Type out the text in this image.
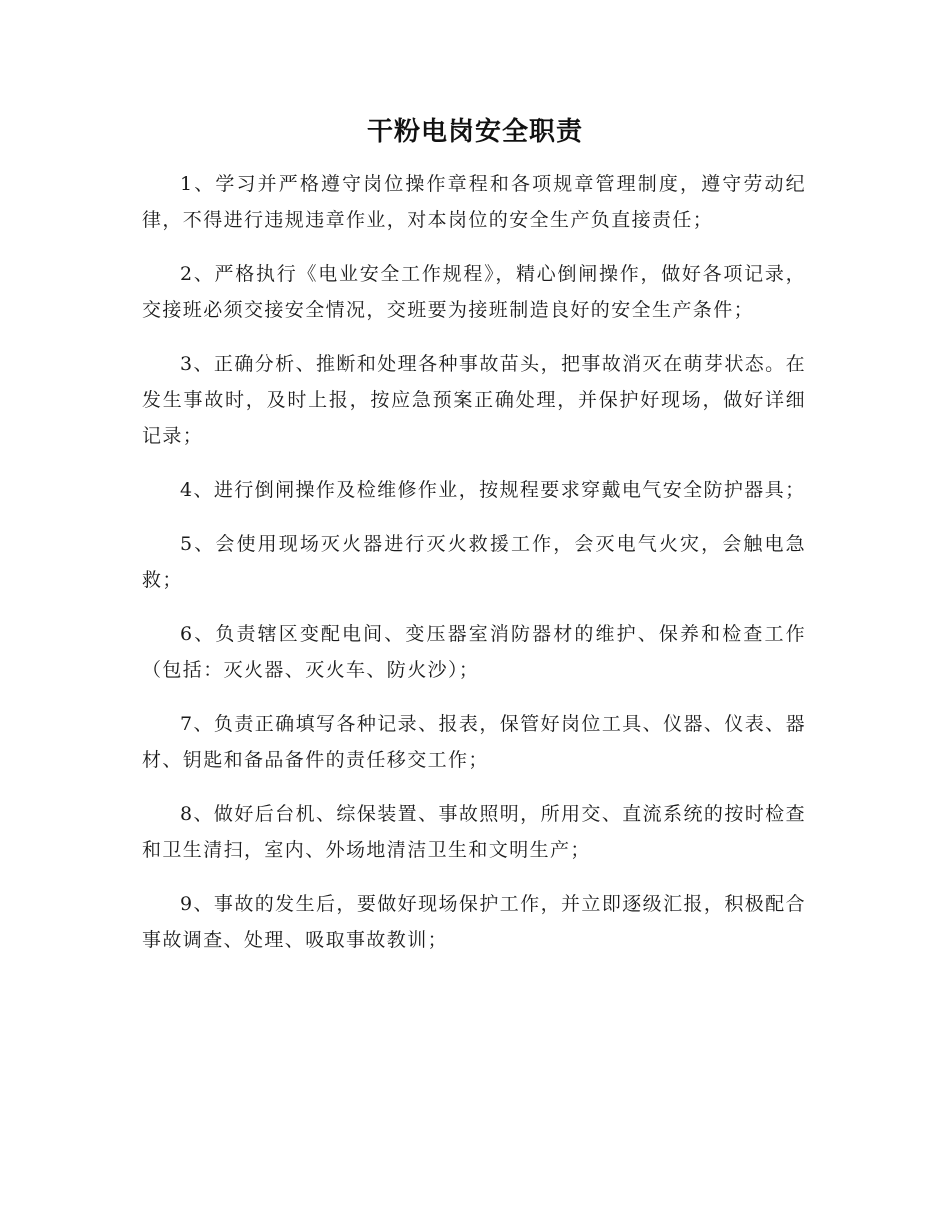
干粉电岗安全职责

1、学习并严格遵守岗位操作章程和各项规章管理制度，遵守劳动纪律，不得进行违规违章作业，对本岗位的安全生产负直接责任；

2、严格执行《电业安全工作规程》，精心倒闸操作，做好各项记录，交接班必须交接安全情况，交班要为接班制造良好的安全生产条件；

3、正确分析、推断和处理各种事故苗头，把事故消灭在萌芽状态。在发生事故时，及时上报，按应急预案正确处理，并保护好现场，做好详细记录；

4、进行倒闸操作及检维修作业，按规程要求穿戴电气安全防护器具；

5、会使用现场灭火器进行灭火救援工作，会灭电气火灾，会触电急救；

6、负责辖区变配电间、变压器室消防器材的维护、保养和检查工作（包括：灭火器、灭火车、防火沙）；

7、负责正确填写各种记录、报表，保管好岗位工具、仪器、仪表、器材、钥匙和备品备件的责任移交工作；

8、做好后台机、综保装置、事故照明，所用交、直流系统的按时检查和卫生清扫，室内、外场地清洁卫生和文明生产；

9、事故的发生后，要做好现场保护工作，并立即逐级汇报，积极配合事故调查、处理、吸取事故教训；
